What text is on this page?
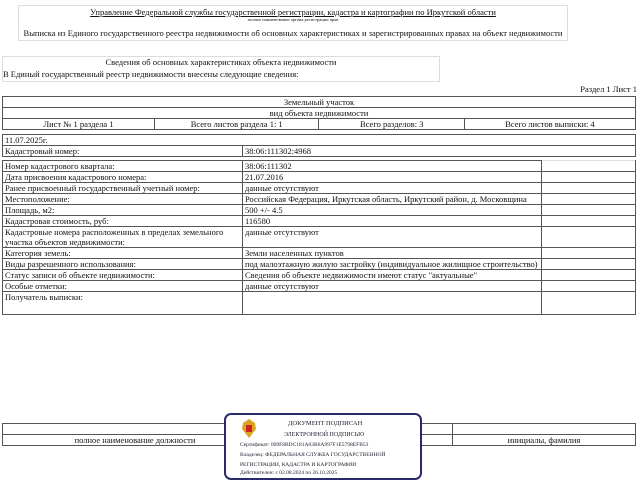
Управление Федеральной службы государственной регистрации, кадастра и картографии по Иркутской области
полное наименование органа регистрации прав
Выписка из Единого государственного реестра недвижимости об основных характеристиках и зарегистрированных правах на объект недвижимости
Сведения об основных характеристиках объекта недвижимости
В Единый государственный реестр недвижимости внесены следующие сведения:
Раздел 1 Лист 1
Земельный участок
вид объекта недвижимости
Лист № 1 раздела 1	Всего листов раздела 1: 1	Всего разделов: 3	Всего листов выписки: 4
11.07.2025г.
Кадастровый номер:	38:06:111302:4968
Номер кадастрового квартала:	38:06:111302	
Дата присвоения кадастрового номера:	21.07.2016	
Ранее присвоенный государственный учетный номер:	данные отсутствуют	
Местоположение:	Российская Федерация, Иркутская область, Иркутский район, д. Московщина	
Площадь, м2:	500 +/- 4.5	
Кадастровая стоимость, руб:	116580	
Кадастровые номера расположенных в пределах земельного участка объектов недвижимости:	данные отсутствуют	
Категория земель:	Земли населенных пунктов	
Виды разрешенного использования:	под малоэтажную жилую застройку (индивидуальное жилищное строительство)	
Статус записи об объекте недвижимости:	Сведения об объекте недвижимости имеют статус "актуальные"	
Особые отметки:	данные отсутствуют	
Получатель выписки:		

полное наименование должности		инициалы, фамилия
ДОКУМЕНТ ПОДПИСАН
ЭЛЕКТРОННОЙ ПОДПИСЬЮ
Сертификат: 009F8BDC181A03B6A997F1E5798EFB53
Владелец: ФЕДЕРАЛЬНАЯ СЛУЖБА ГОСУДАРСТВЕННОЙ
РЕГИСТРАЦИИ, КАДАСТРА И КАРТОГРАФИИ
Действителен: с 02.08.2024 по 26.10.2025
